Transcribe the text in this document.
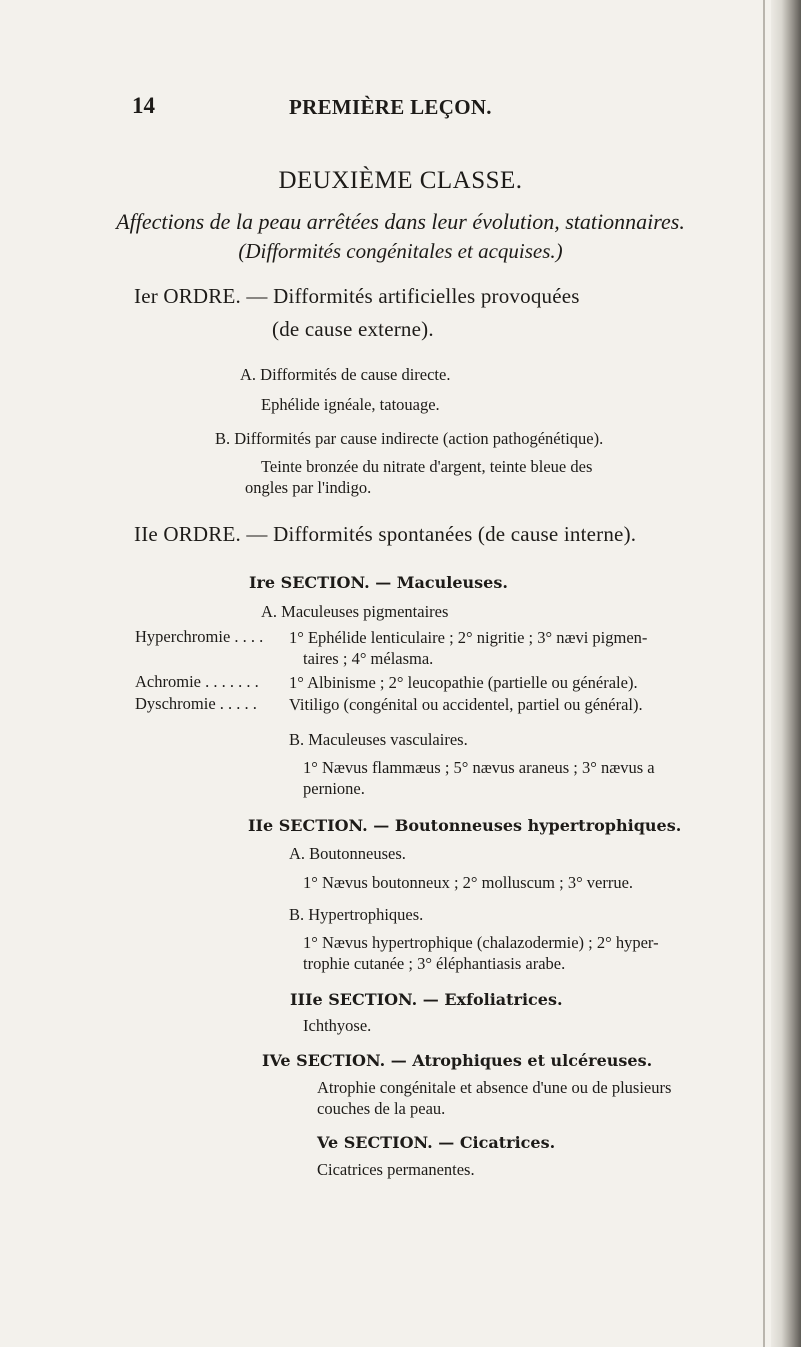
14	PREMIÈRE LEÇON.
DEUXIÈME CLASSE.
Affections de la peau arrêtées dans leur évolution, stationnaires.
(Difformités congénitales et acquises.)
Ier ORDRE. — Difformités artificielles provoquées
(de cause externe).
A. Difformités de cause directe.
Ephélide ignéale, tatouage.
B. Difformités par cause indirecte (action pathogénétique).
Teinte bronzée du nitrate d'argent, teinte bleue des
ongles par l'indigo.
IIe ORDRE. — Difformités spontanées (de cause interne).
Ire SECTION. — Maculeuses.
A. Maculeuses pigmentaires
Hyperchromie . . . . 1° Ephélide lenticulaire ; 2° nigritie ; 3° nævi pigmen-
taires ; 4° mélasma.
Achromie . . . . . . . 1° Albinisme ; 2° leucopathie (partielle ou générale).
Dyschromie . . . . . Vitiligo (congénital ou accidentel, partiel ou général).
B. Maculeuses vasculaires.
1° Nævus flammæus ; 5° nævus araneus ; 3° nævus a
pernione.
IIe SECTION. — Boutonneuses hypertrophiques.
A. Boutonneuses.
1° Nævus boutonneux ; 2° molluscum ; 3° verrue.
B. Hypertrophiques.
1° Nævus hypertrophique (chalazodermie) ; 2° hyper-
trophie cutanée ; 3° éléphantiasis arabe.
IIIe SECTION. — Exfoliatrices.
Ichthyose.
IVe SECTION. — Atrophiques et ulcéreuses.
Atrophie congénitale et absence d'une ou de plusieurs
couches de la peau.
Ve SECTION. — Cicatrices.
Cicatrices permanentes.
